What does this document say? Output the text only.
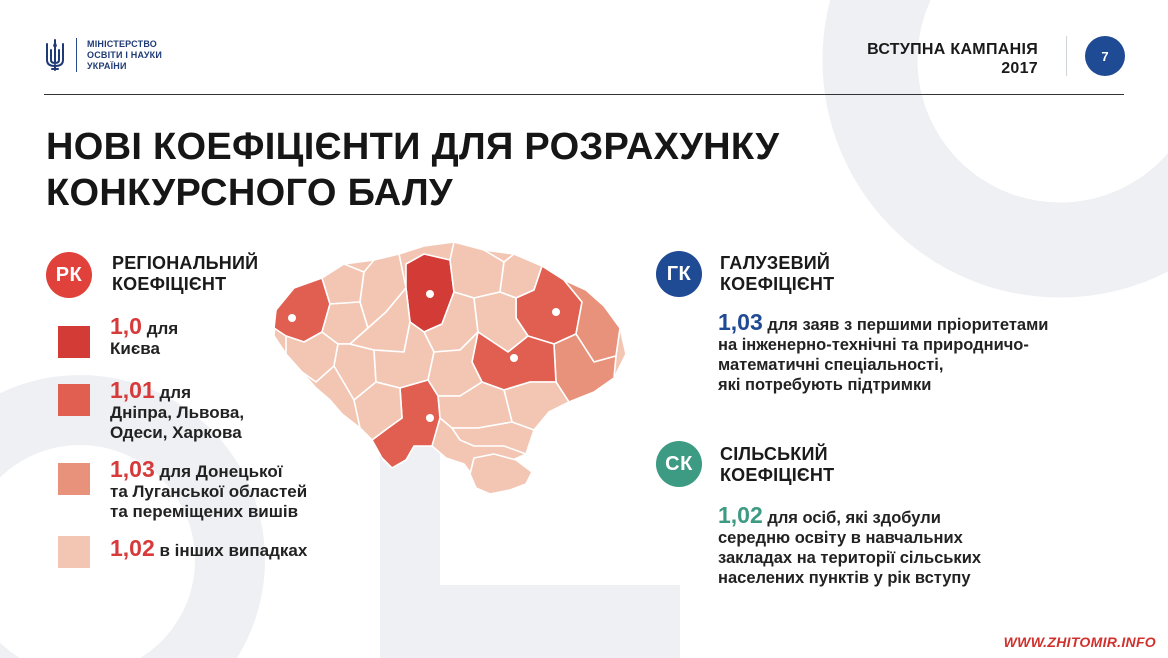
МІНІСТЕРСТВО
ОСВІТИ І НАУКИ
УКРАЇНИ
ВСТУПНА КАМПАНІЯ
2017
7
НОВІ КОЕФІЦІЄНТИ ДЛЯ РОЗРАХУНКУ
КОНКУРСНОГО БАЛУ
РК
РЕГІОНАЛЬНИЙ
КОЕФІЦІЄНТ
1,0 для
Києва
1,01 для
Дніпра, Львова,
Одеси, Харкова
1,03 для Донецької
та Луганської областей
та переміщених вишів
1,02 в інших випадках
ГК	ГАЛУЗЕВИЙ
КОЕФІЦІЄНТ
1,03 для заяв з першими пріоритетами
на інженерно-технічні та природничо-
математичні спеціальності,
які потребують підтримки
СК	СІЛЬСЬКИЙ
КОЕФІЦІЄНТ
1,02 для осіб, які здобули
середню освіту в навчальних
закладах на території сільських
населених пунктів у рік вступу
WWW.ZHITOMIR.INFO
